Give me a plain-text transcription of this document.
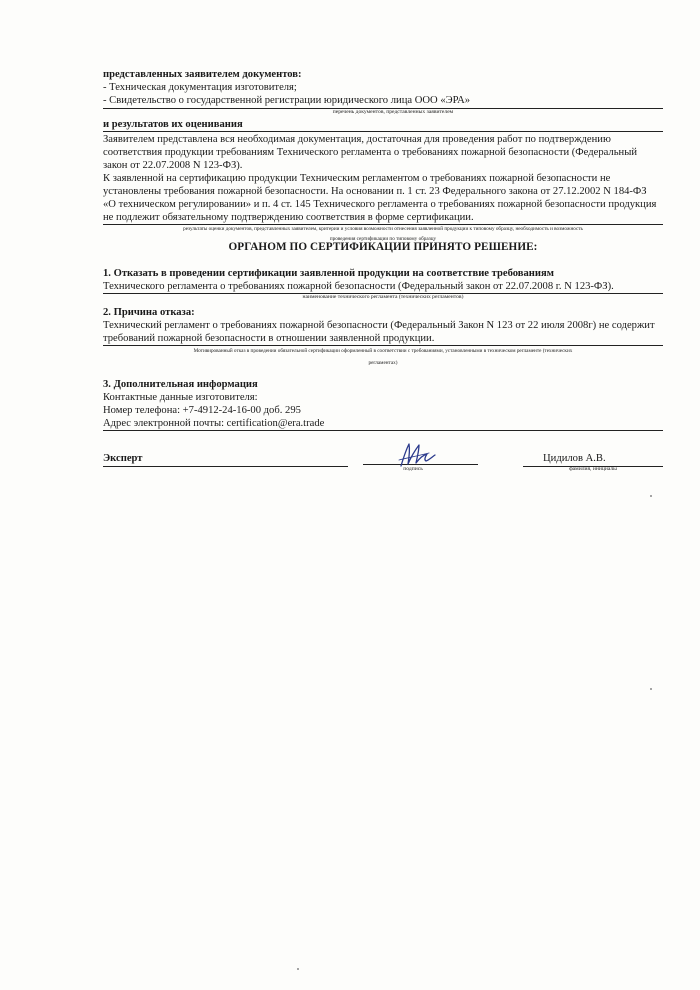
представленных заявителем документов:

- Техническая документация изготовителя;

- Свидетельство о государственной регистрации юридического лица ООО «ЭРА»

перечень документов, представленных заявителем

и результатов их оценивания

Заявителем представлена вся необходимая документация, достаточная для проведения работ по подтверждению

соответствия продукции требованиям Технического регламента о требованиях пожарной безопасности (Федеральный

закон от 22.07.2008 N 123-ФЗ).

К заявленной на сертификацию продукции Техническим регламентом о требованиях пожарной безопасности не

установлены требования пожарной безопасности. На основании п. 1 ст. 23 Федерального закона от 27.12.2002 N 184-ФЗ

«О техническом регулировании» и п. 4 ст. 145 Технического регламента о требованиях пожарной безопасности продукция

не подлежит обязательному подтверждению соответствия в форме сертификации.

результаты оценки документов, представленных заявителем, критерии и условия возможности отнесения заявленной продукции к типовому образцу, необходимость и возможность

проведения сертификации по типовому образцу

ОРГАНОМ ПО СЕРТИФИКАЦИИ ПРИНЯТО РЕШЕНИЕ:

1. Отказать в проведении сертификации заявленной продукции на соответствие требованиям

Технического регламента о требованиях пожарной безопасности (Федеральный закон от 22.07.2008 г. N 123-ФЗ).

наименование технического регламента (технических регламентов)

2. Причина отказа:

Технический регламент о требованиях пожарной безопасности (Федеральный Закон N 123 от 22 июля 2008г) не содержит

требований пожарной безопасности в отношении заявленной продукции.

Мотивированный отказ в проведении обязательной сертификации оформленный в соответствии с требованиями, установленными в техническом регламенте (технических

регламентах)

3. Дополнительная информация

Контактные данные изготовителя:

Номер телефона: +7-4912-24-16-00 доб. 295

Адрес электронной почты: certification@era.trade

Эксперт
подпись
Цидилов А.В.
фамилия, инициалы
